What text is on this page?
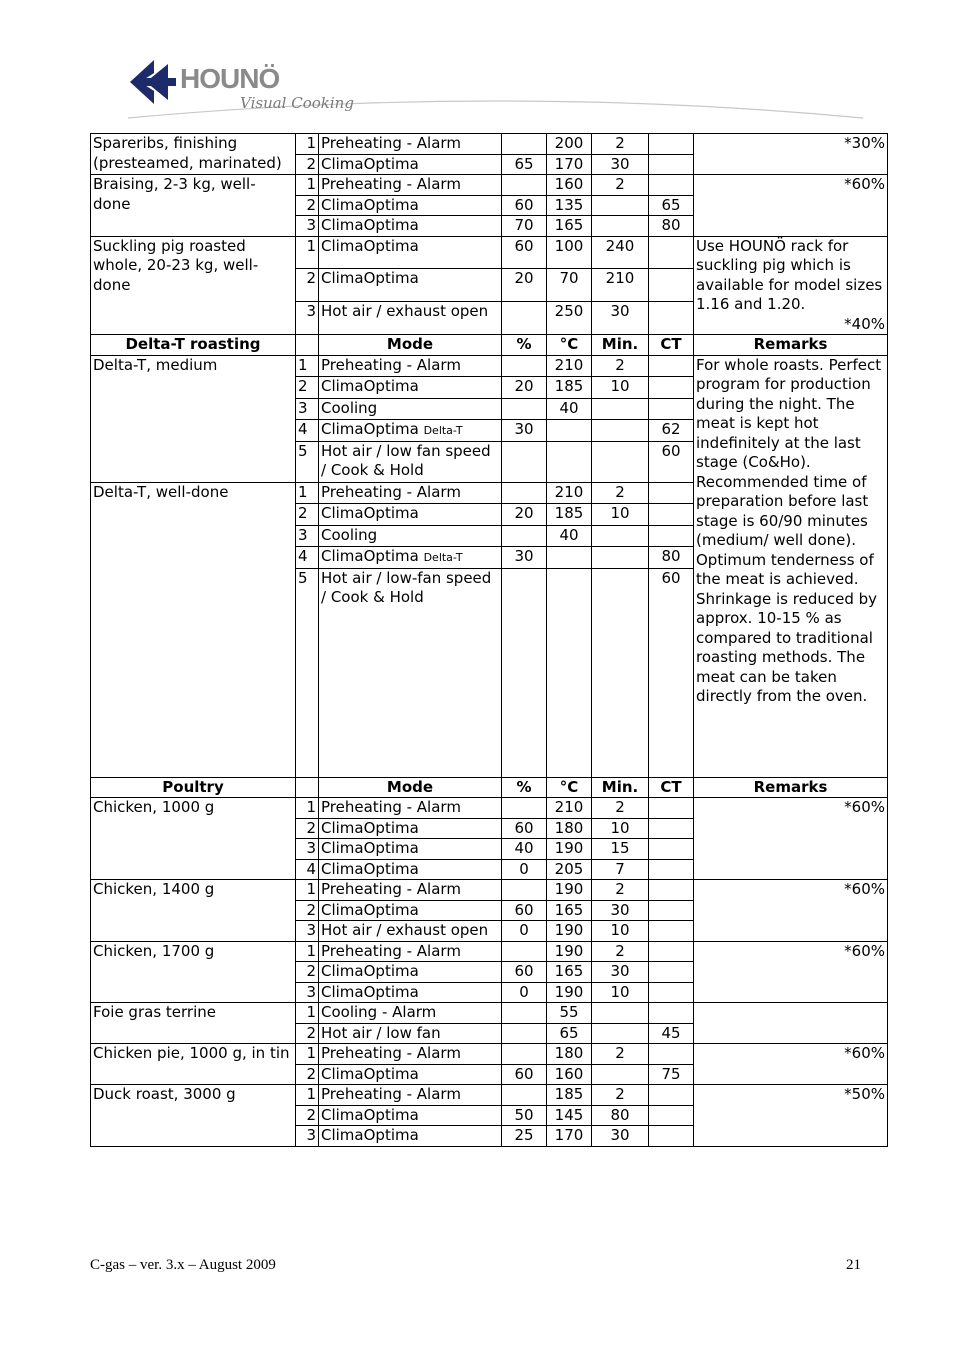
HOUNÖ
Visual Cooking
Spareribs, finishing (presteamed, marinated)	1	Preheating - Alarm		200	2		*30%

	2	ClimaOptima	65	170	30		
Braising, 2-3 kg, well-done	1	Preheating - Alarm		160	2		*60%

	2	ClimaOptima	60	135		65	
	3	ClimaOptima	70	165		80	
Suckling pig roasted whole, 20-23 kg, well-done	1	ClimaOptima	60	100	240		Use HOUNÖ rack for suckling pig which is available for model sizes 1.16 and 1.20.
*40%

	2	ClimaOptima	20	70	210		
	3	Hot air / exhaust open		250	30		
Delta-T roasting		Mode	%	°C	Min.	CT	Remarks
Delta-T, medium	1	Preheating - Alarm		210	2		For whole roasts. Perfect program for production during the night. The meat is kept hot indefinitely at the last stage (Co&Ho). Recommended time of preparation before last stage is 60/90 minutes (medium/ well done). Optimum tenderness of the meat is achieved. Shrinkage is reduced by approx. 10-15 % as compared to traditional roasting methods. The meat can be taken directly from the oven.
	2	ClimaOptima	20	185	10		
	3	Cooling		40			
	4	ClimaOptima Delta-T	30			62	
	5	Hot air / low fan speed / Cook & Hold				60	
Delta-T, well-done	1	Preheating - Alarm		210	2		
	2	ClimaOptima	20	185	10		
	3	Cooling		40			
	4	ClimaOptima Delta-T	30			80	
	5	Hot air / low-fan speed / Cook & Hold				60	
Poultry		Mode	%	°C	Min.	CT	Remarks
Chicken, 1000 g	1	Preheating - Alarm		210	2		*60%

	2	ClimaOptima	60	180	10		
	3	ClimaOptima	40	190	15		
	4	ClimaOptima	0	205	7		
Chicken, 1400 g	1	Preheating - Alarm		190	2		*60%

	2	ClimaOptima	60	165	30		
	3	Hot air / exhaust open	0	190	10		
Chicken, 1700 g	1	Preheating - Alarm		190	2		*60%

	2	ClimaOptima	60	165	30		
	3	ClimaOptima	0	190	10		
Foie gras terrine	1	Cooling - Alarm		55			

	2	Hot air / low fan		65		45	
Chicken pie, 1000 g, in tin	1	Preheating - Alarm		180	2		*60%

	2	ClimaOptima	60	160		75	
Duck roast, 3000 g	1	Preheating - Alarm		185	2		*50%

	2	ClimaOptima	50	145	80		
	3	ClimaOptima	25	170	30		
C-gas – ver. 3.x – August 2009	21
